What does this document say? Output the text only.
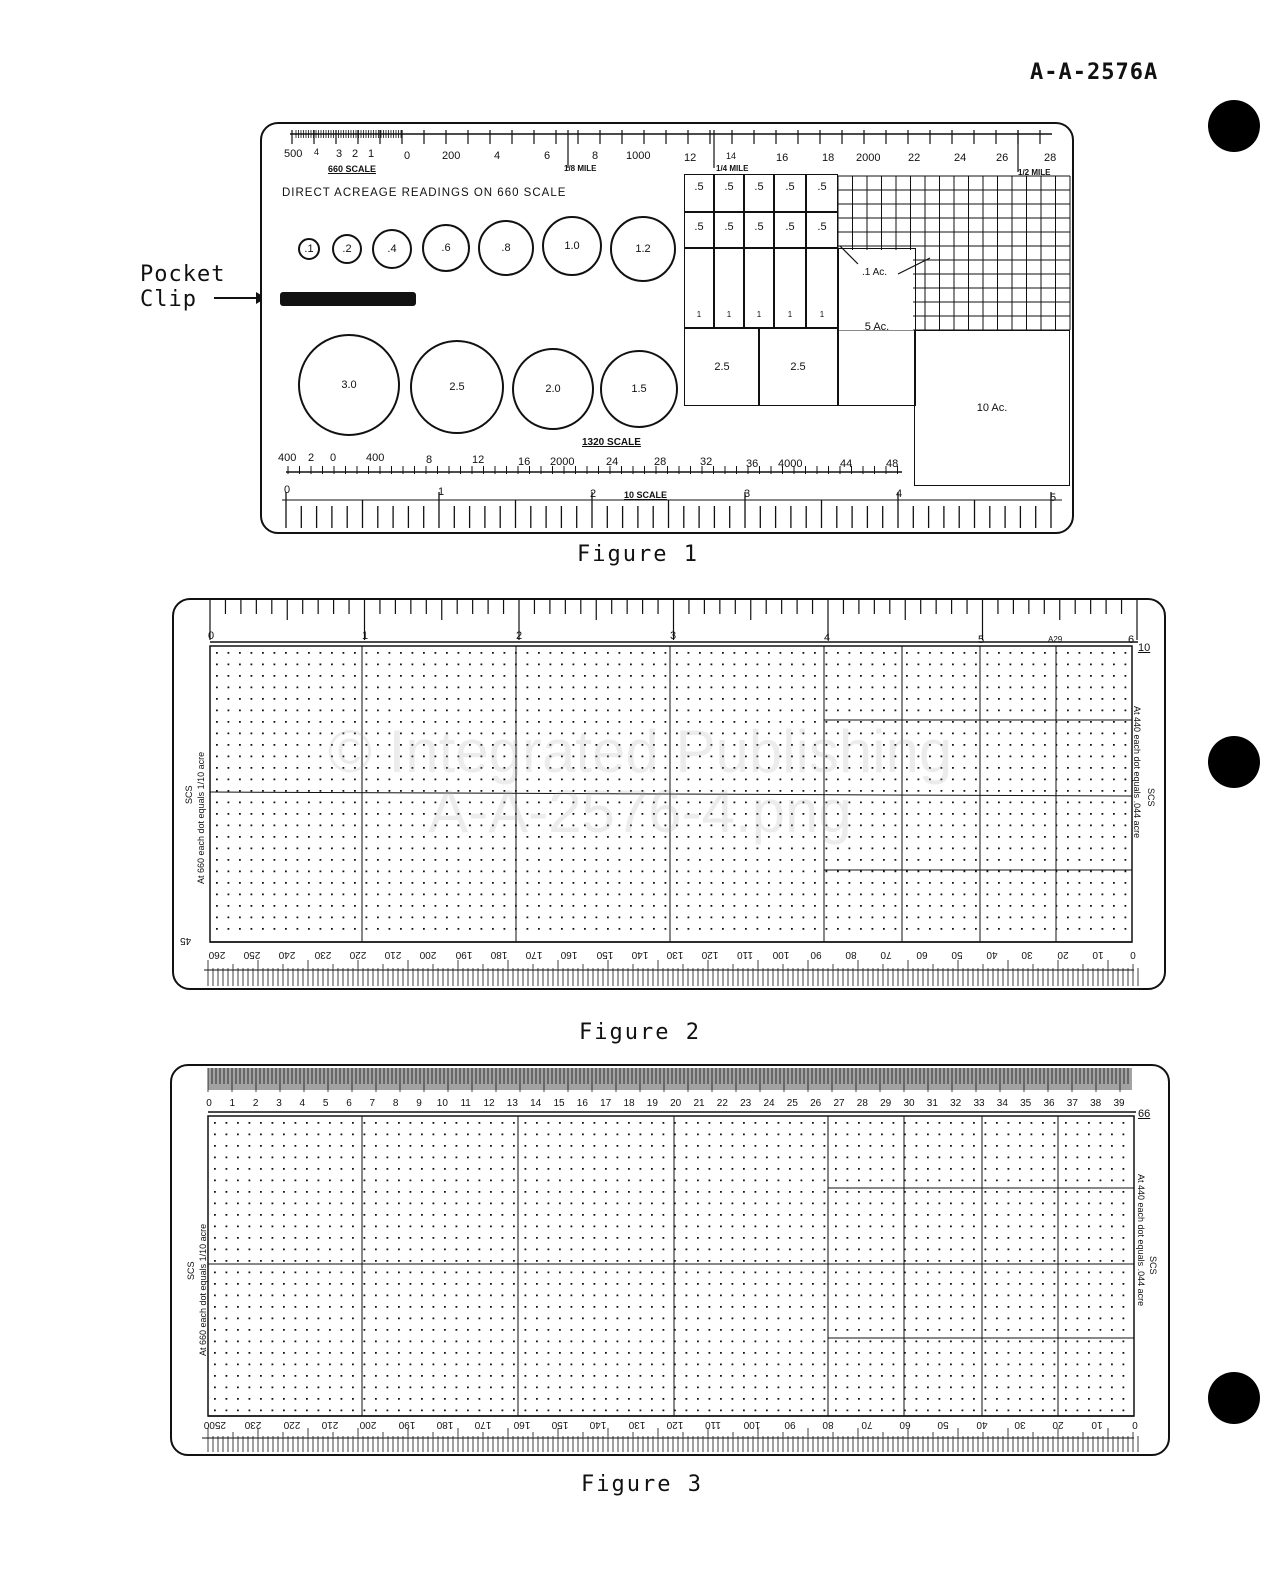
A-A-2576A
Pocket
Clip
500 4 3 2 1	0	200	4	6	8	1000	12	14	16	18 2000	22	24	26	28
660 SCALE	1/8 MILE	1/4 MILE	1/2 MILE
DIRECT ACREAGE READINGS ON 660 SCALE
.1	.2	.4	.6	.8	1.0	1.2
3.0	2.5	2.0	1.5
.5	.5	.5	.5	.5
.5	.5	.5	.5	.5
1	1	1	1	1
2.5	2.5
5 Ac.
10 Ac.
.1 Ac.
1320 SCALE
400 2 0	400	8	12	16 2000	24	28	32	36 4000	44	48
10 SCALE
0	1	2	3	4	5
Figure 1
0	1	2	3	4	5	A29	6
10
45
At 660 each dot equals 1/10 acre
SCS	At 440 each dot equals .044 acre SCS
260 250 240 230 220 210 200 190 180 170 160 150 140 130 120	110	100	90	80	70	60	50	40	30	20	10	0
Figure 2
0	1	2	3	4	5	6	7	8	9	10	11	12	13	14	15	16	17	18	19	20	21	22	23	24	25	26	27	28	29	30	31	32	33	34	35	36	37	38	39
66
At 660 each dot equals 1/10 acre
SCS	At 440 each dot equals .044 acre SCS
2500 230 220 210 200 190 180 170 160 150 140 130 120	110	100	90	80	70	60	50	40	30	20	10	0
Figure 3
© Integrated Publishing
A-A-2576-4.png
